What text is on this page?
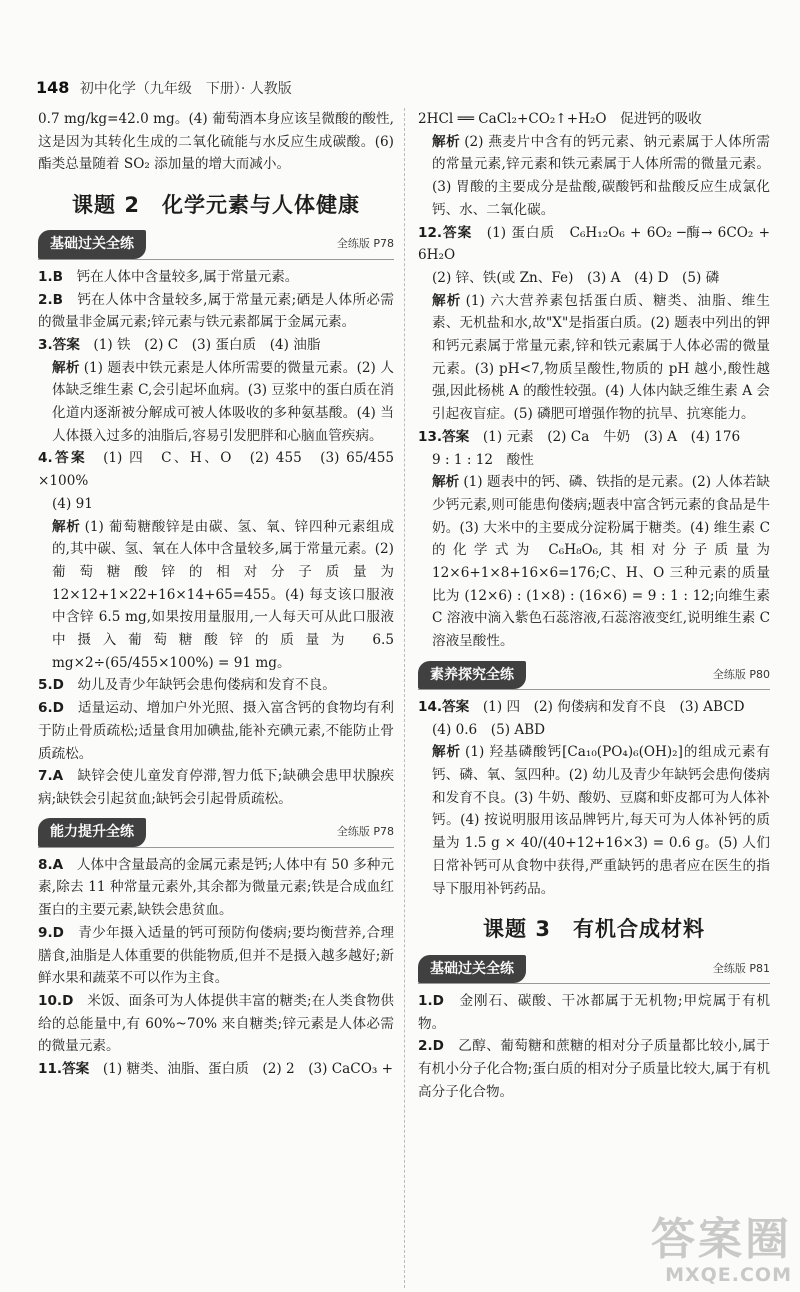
148 初中化学（九年级　下册）· 人教版

0.7 mg/kg=42.0 mg。(4) 葡萄酒本身应该呈微酸的酸性,这是因为其转化生成的二氧化硫能与水反应生成碳酸。(6) 酯类总量随着 SO₂ 添加量的增大而减小。

课题 2　化学元素与人体健康
基础过关全练	全练版 P78

1.B　 钙在人体中含量较多,属于常量元素。

2.B　 钙在人体中含量较多,属于常量元素;硒是人体所必需的微量非金属元素;锌元素与铁元素都属于金属元素。

3.答案　 (1) 铁　(2) C　(3) 蛋白质　(4) 油脂

解析 (1) 题表中铁元素是人体所需要的微量元素。(2) 人体缺乏维生素 C,会引起坏血病。(3) 豆浆中的蛋白质在消化道内逐渐被分解成可被人体吸收的多种氨基酸。(4) 当人体摄入过多的油脂后,容易引发肥胖和心脑血管疾病。

4.答案　 (1) 四　C、H、O　(2) 455　(3) 65/455 ×100%

(4) 91

解析 (1) 葡萄糖酸锌是由碳、氢、氧、锌四种元素组成的,其中碳、氢、氧在人体中含量较多,属于常量元素。(2) 葡萄糖酸锌的相对分子质量为 12×12+1×22+16×14+65=455。(4) 每支该口服液中含锌 6.5 mg,如果按用量服用,一人每天可从此口服液中摄入葡萄糖酸锌的质量为 6.5 mg×2÷(65/455×100%) = 91 mg。

5.D　 幼儿及青少年缺钙会患佝偻病和发育不良。

6.D　 适量运动、增加户外光照、摄入富含钙的食物均有利于防止骨质疏松;适量食用加碘盐,能补充碘元素,不能防止骨质疏松。

7.A　 缺锌会使儿童发育停滞,智力低下;缺碘会患甲状腺疾病;缺铁会引起贫血;缺钙会引起骨质疏松。

能力提升全练	全练版 P78

8.A　 人体中含量最高的金属元素是钙;人体中有 50 多种元素,除去 11 种常量元素外,其余都为微量元素;铁是合成血红蛋白的主要元素,缺铁会患贫血。

9.D　 青少年摄入适量的钙可预防佝偻病;要均衡营养,合理膳食,油脂是人体重要的供能物质,但并不是摄入越多越好;新鲜水果和蔬菜不可以作为主食。

10.D　 米饭、面条可为人体提供丰富的糖类;在人类食物供给的总能量中,有 60%~70% 来自糖类;锌元素是人体必需的微量元素。

11.答案　 (1) 糖类、油脂、蛋白质　(2) 2　(3) CaCO₃ +

2HCl ══ CaCl₂+CO₂↑+H₂O　促进钙的吸收

解析 (2) 燕麦片中含有的钙元素、钠元素属于人体所需的常量元素,锌元素和铁元素属于人体所需的微量元素。(3) 胃酸的主要成分是盐酸,碳酸钙和盐酸反应生成氯化钙、水、二氧化碳。

12.答案　 (1) 蛋白质　C₆H₁₂O₆ + 6O₂ ─酶→ 6CO₂ + 6H₂O

(2) 锌、铁(或 Zn、Fe)　(3) A　(4) D　(5) 磷

解析 (1) 六大营养素包括蛋白质、糖类、油脂、维生素、无机盐和水,故"X"是指蛋白质。(2) 题表中列出的钾和钙元素属于常量元素,锌和铁元素属于人体必需的微量元素。(3) pH<7,物质呈酸性,物质的 pH 越小,酸性越强,因此杨桃 A 的酸性较强。(4) 人体内缺乏维生素 A 会引起夜盲症。(5) 磷肥可增强作物的抗旱、抗寒能力。

13.答案　 (1) 元素　(2) Ca　牛奶　(3) A　(4) 176

9 : 1 : 12　酸性

解析 (1) 题表中的钙、磷、铁指的是元素。(2) 人体若缺少钙元素,则可能患佝偻病;题表中富含钙元素的食品是牛奶。(3) 大米中的主要成分淀粉属于糖类。(4) 维生素 C 的化学式为 C₆H₈O₆,其相对分子质量为 12×6+1×8+16×6=176;C、H、O 三种元素的质量比为 (12×6) : (1×8) : (16×6) = 9 : 1 : 12;向维生素 C 溶液中滴入紫色石蕊溶液,石蕊溶液变红,说明维生素 C 溶液呈酸性。

素养探究全练	全练版 P80

14.答案　 (1) 四　(2) 佝偻病和发育不良　(3) ABCD

(4) 0.6　(5) ABD

解析 (1) 羟基磷酸钙[Ca₁₀(PO₄)₆(OH)₂]的组成元素有钙、磷、氧、氢四种。(2) 幼儿及青少年缺钙会患佝偻病和发育不良。(3) 牛奶、酸奶、豆腐和虾皮都可为人体补钙。(4) 按说明服用该品牌钙片,每天可为人体补钙的质量为 1.5 g × 40/(40+12+16×3) = 0.6 g。(5) 人们日常补钙可从食物中获得,严重缺钙的患者应在医生的指导下服用补钙药品。

课题 3　有机合成材料
基础过关全练	全练版 P81

1.D　 金刚石、碳酸、干冰都属于无机物;甲烷属于有机物。

2.D　 乙醇、葡萄糖和蔗糖的相对分子质量都比较小,属于有机小分子化合物;蛋白质的相对分子质量比较大,属于有机高分子化合物。

答案圈
MXQE.COM
